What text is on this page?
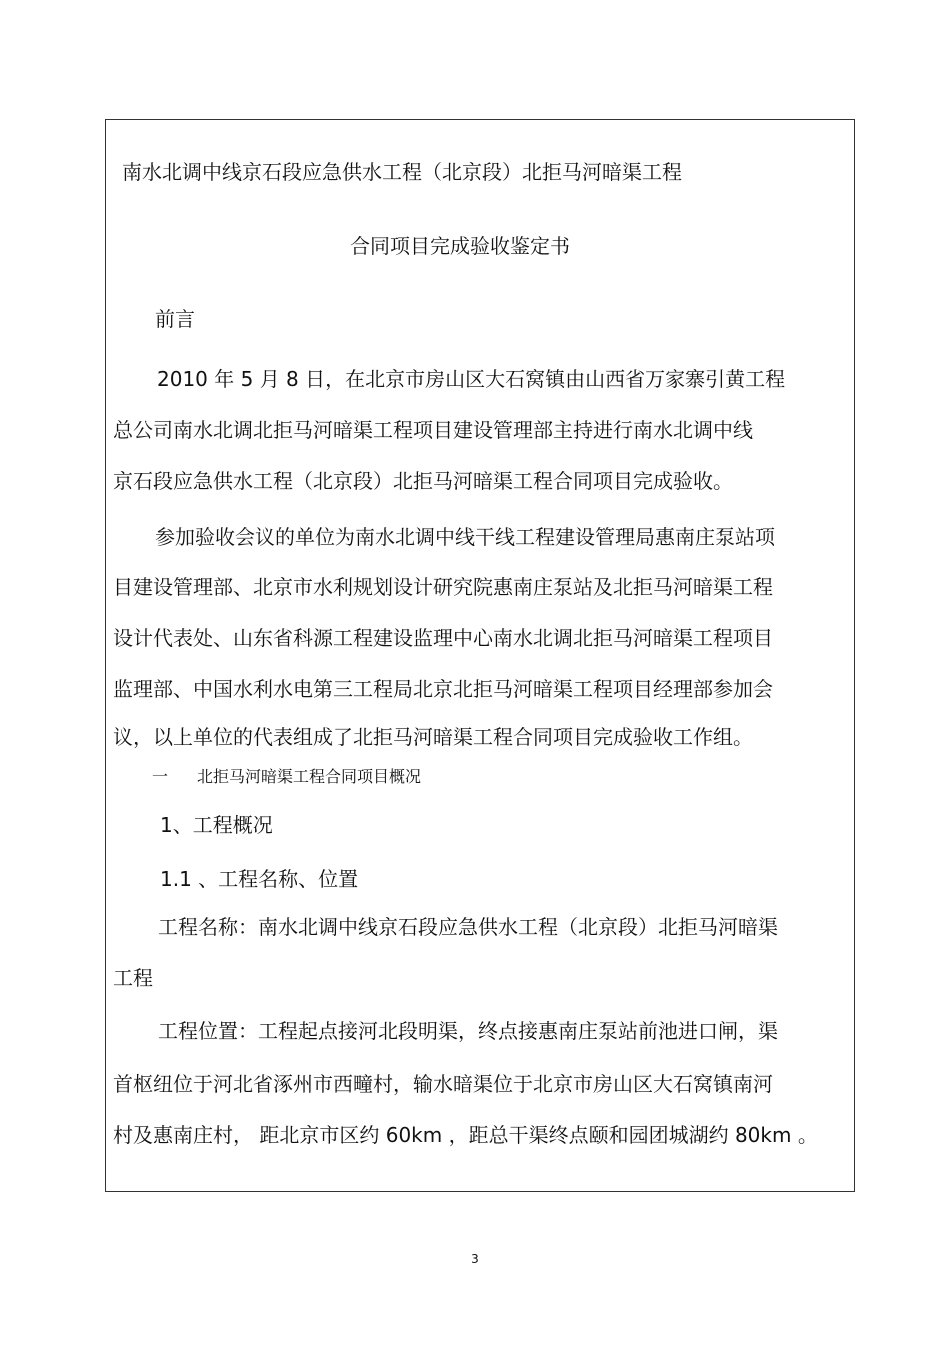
南水北调中线京石段应急供水工程（北京段）北拒马河暗渠工程
合同项目完成验收鉴定书
前言
2010 年 5 月 8 日，在北京市房山区大石窝镇由山西省万家寨引黄工程
总公司南水北调北拒马河暗渠工程项目建设管理部主持进行南水北调中线
京石段应急供水工程（北京段）北拒马河暗渠工程合同项目完成验收。
参加验收会议的单位为南水北调中线干线工程建设管理局惠南庄泵站项
目建设管理部、北京市水利规划设计研究院惠南庄泵站及北拒马河暗渠工程
设计代表处、山东省科源工程建设监理中心南水北调北拒马河暗渠工程项目
监理部、中国水利水电第三工程局北京北拒马河暗渠工程项目经理部参加会
议，以上单位的代表组成了北拒马河暗渠工程合同项目完成验收工作组。
一 北拒马河暗渠工程合同项目概况
1、工程概况
1.1 、工程名称、位置
工程名称：南水北调中线京石段应急供水工程（北京段）北拒马河暗渠
工程
工程位置：工程起点接河北段明渠，终点接惠南庄泵站前池进口闸，渠
首枢纽位于河北省涿州市西疃村，输水暗渠位于北京市房山区大石窝镇南河
村及惠南庄村， 距北京市区约 60km ，距总干渠终点颐和园团城湖约 80km 。
3
